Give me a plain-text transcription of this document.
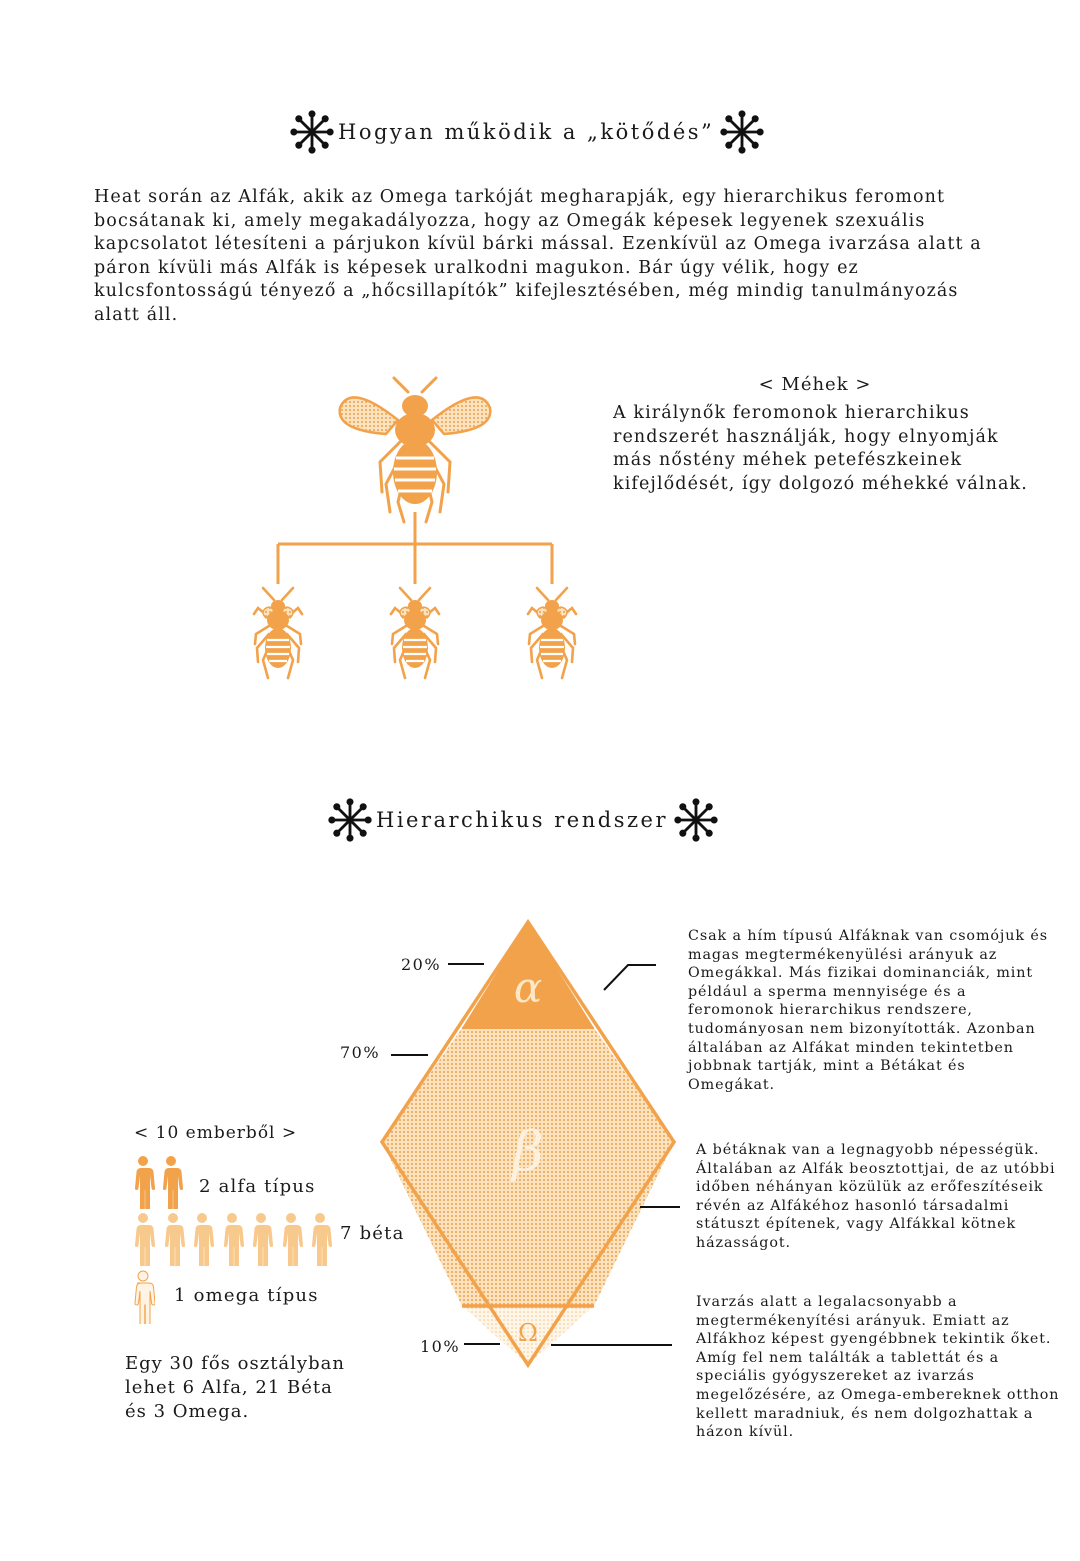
Hogyan működik a „kötődés”
Heat során az Alfák, akik az Omega tarkóját megharapják, egy hierarchikus feromont bocsátanak ki, amely megakadályozza, hogy az Omegák képesek legyenek szexuális kapcsolatot létesíteni a párjukon kívül bárki mással. Ezenkívül az Omega ivarzása alatt a páron kívüli más Alfák is képesek uralkodni magukon. Bár úgy vélik, hogy ez kulcsfontosságú tényező a „hőcsillapítók” kifejlesztésében, még mindig tanulmányozás alatt áll.
< Méhek >
A királynők feromonok hierarchikus rendszerét használják, hogy elnyomják más nőstény méhek petefészkeinek kifejlődését, így dolgozó méhekké válnak.
Hierarchikus rendszer
α
β
Ω
20%
70%
10%
Csak a hím típusú Alfáknak van csomójuk és magas megtermékenyülési arányuk az Omegákkal. Más fizikai dominanciák, mint például a sperma mennyisége és a feromonok hierarchikus rendszere, tudományosan nem bizonyították. Azonban általában az Alfákat minden tekintetben jobbnak tartják, mint a Bétákat és Omegákat.
A bétáknak van a legnagyobb népességük. Általában az Alfák beosztottjai, de az utóbbi időben néhányan közülük az erőfeszítéseik révén az Alfákéhoz hasonló társadalmi státuszt építenek, vagy Alfákkal kötnek házasságot.
Ivarzás alatt a legalacsonyabb a megtermékenyítési arányuk. Emiatt az Alfákhoz képest gyengébbnek tekintik őket. Amíg fel nem találták a tablettát és a speciális gyógyszereket az ivarzás megelőzésére, az Omega-embereknek otthon kellett maradniuk, és nem dolgozhattak a házon kívül.
< 10 emberből >
2 alfa típus
7 béta
1 omega típus
Egy 30 fős osztályban lehet 6 Alfa, 21 Béta és 3 Omega.
